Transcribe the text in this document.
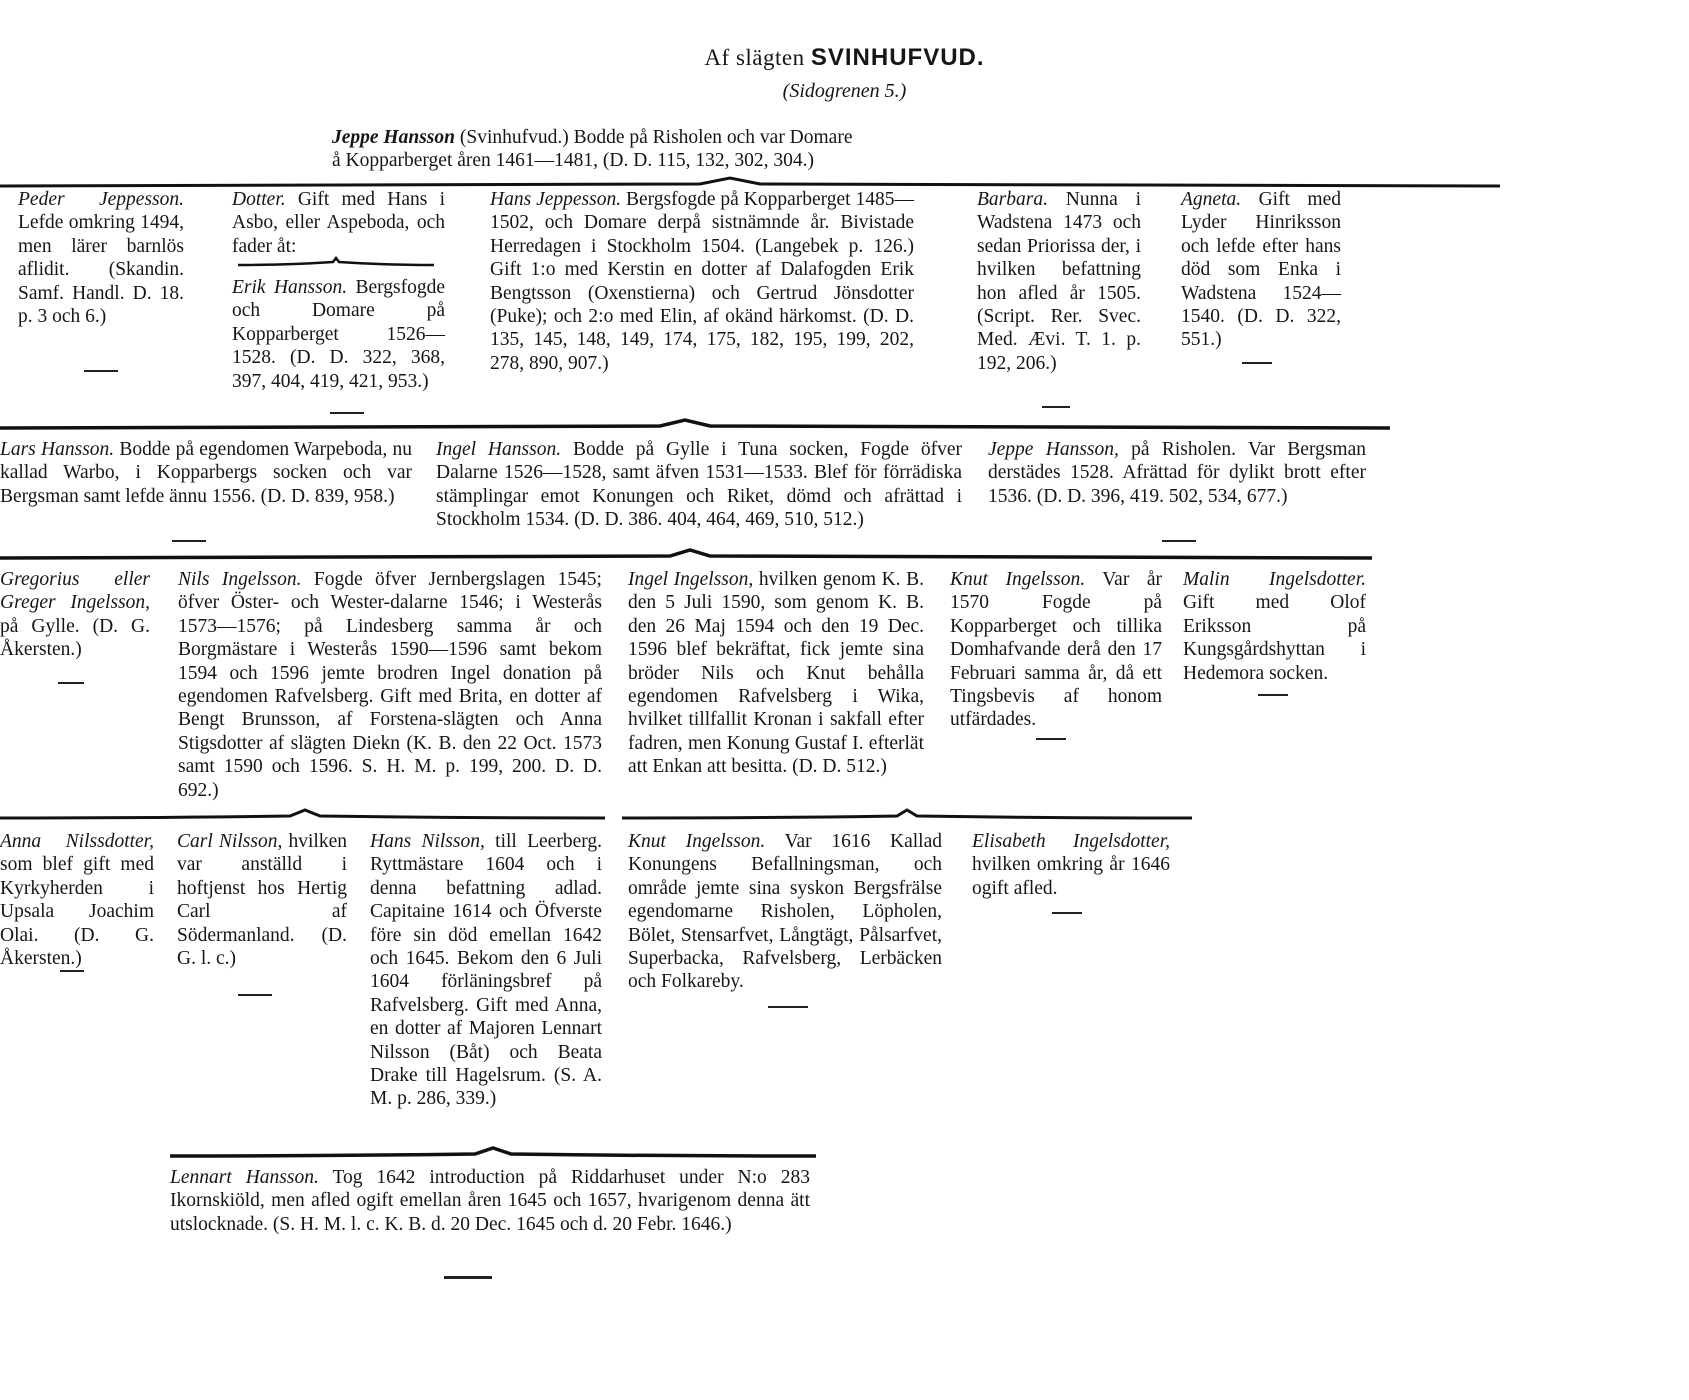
Af slägten SVINHUFVUD.
(Sidogrenen 5.)
Jeppe Hansson (Svinhufvud.) Bodde på Risholen och var Domare
å Kopparberget åren 1461—1481, (D. D. 115, 132, 302, 304.)
Peder Jeppesson. Lefde omkring 1494, men lärer barnlös aflidit. (Skandin. Samf. Handl. D. 18. p. 3 och 6.)
Dotter. Gift med Hans i Asbo, eller Aspeboda, och fader åt:
Erik Hansson. Bergsfogde och Domare på Kopparberget 1526—1528. (D. D. 322, 368, 397, 404, 419, 421, 953.)
Hans Jeppesson. Bergsfogde på Kopparberget 1485—1502, och Domare derpå sistnämnde år. Bivistade Herredagen i Stockholm 1504. (Langebek p. 126.) Gift 1:o med Kerstin en dotter af Dalafogden Erik Bengtsson (Oxenstierna) och Gertrud Jönsdotter (Puke); och 2:o med Elin, af okänd härkomst. (D. D. 135, 145, 148, 149, 174, 175, 182, 195, 199, 202, 278, 890, 907.)
Barbara. Nunna i Wadstena 1473 och sedan Priorissa der, i hvilken befattning hon afled år 1505. (Script. Rer. Svec. Med. Ævi. T. 1. p. 192, 206.)
Agneta. Gift med Lyder Hinriksson och lefde efter hans död som Enka i Wadstena 1524—1540. (D. D. 322, 551.)
Lars Hansson. Bodde på egendomen Warpeboda, nu kallad Warbo, i Kopparbergs socken och var Bergsman samt lefde ännu 1556. (D. D. 839, 958.)
Ingel Hansson. Bodde på Gylle i Tuna socken, Fogde öfver Dalarne 1526—1528, samt äfven 1531—1533. Blef för förrädiska stämplingar emot Konungen och Riket, dömd och afrättad i Stockholm 1534. (D. D. 386. 404, 464, 469, 510, 512.)
Jeppe Hansson, på Risholen. Var Bergsman derstädes 1528. Afrättad för dylikt brott efter 1536. (D. D. 396, 419. 502, 534, 677.)
Gregorius eller Greger Ingelsson, på Gylle. (D. G. Åkersten.)
Nils Ingelsson. Fogde öfver Jernbergslagen 1545; öfver Öster- och Wester-dalarne 1546; i Westerås 1573—1576; på Lindesberg samma år och Borgmästare i Westerås 1590—1596 samt bekom 1594 och 1596 jemte brodren Ingel donation på egendomen Rafvelsberg. Gift med Brita, en dotter af Bengt Brunsson, af Forstena-slägten och Anna Stigsdotter af slägten Diekn (K. B. den 22 Oct. 1573 samt 1590 och 1596. S. H. M. p. 199, 200. D. D. 692.)
Ingel Ingelsson, hvilken genom K. B. den 5 Juli 1590, som genom K. B. den 26 Maj 1594 och den 19 Dec. 1596 blef bekräftat, fick jemte sina bröder Nils och Knut behålla egendomen Rafvelsberg i Wika, hvilket tillfallit Kronan i sakfall efter fadren, men Konung Gustaf I. efterlät att Enkan att besitta. (D. D. 512.)
Knut Ingelsson. Var år 1570 Fogde på Kopparberget och tillika Domhafvande derå den 17 Februari samma år, då ett Tingsbevis af honom utfärdades.
Malin Ingelsdotter. Gift med Olof Eriksson på Kungsgårdshyttan i Hedemora socken.
Anna Nilssdotter, som blef gift med Kyrkyherden i Upsala Joachim Olai. (D. G. Åkersten.)
Carl Nilsson, hvilken var anställd i hoftjenst hos Hertig Carl af Södermanland. (D. G. l. c.)
Hans Nilsson, till Leerberg. Ryttmästare 1604 och i denna befattning adlad. Capitaine 1614 och Öfverste före sin död emellan 1642 och 1645. Bekom den 6 Juli 1604 förläningsbref på Rafvelsberg. Gift med Anna, en dotter af Majoren Lennart Nilsson (Båt) och Beata Drake till Hagelsrum. (S. A. M. p. 286, 339.)
Knut Ingelsson. Var 1616 Kallad Konungens Befallningsman, och område jemte sina syskon Bergsfrälse egendomarne Risholen, Löpholen, Bölet, Stensarfvet, Långtägt, Pålsarfvet, Superbacka, Rafvelsberg, Lerbäcken och Folkareby.
Elisabeth Ingelsdotter, hvilken omkring år 1646 ogift afled.
Lennart Hansson. Tog 1642 introduction på Riddarhuset under N:o 283 Ikornskiöld, men afled ogift emellan åren 1645 och 1657, hvarigenom denna ätt utslocknade. (S. H. M. l. c. K. B. d. 20 Dec. 1645 och d. 20 Febr. 1646.)
